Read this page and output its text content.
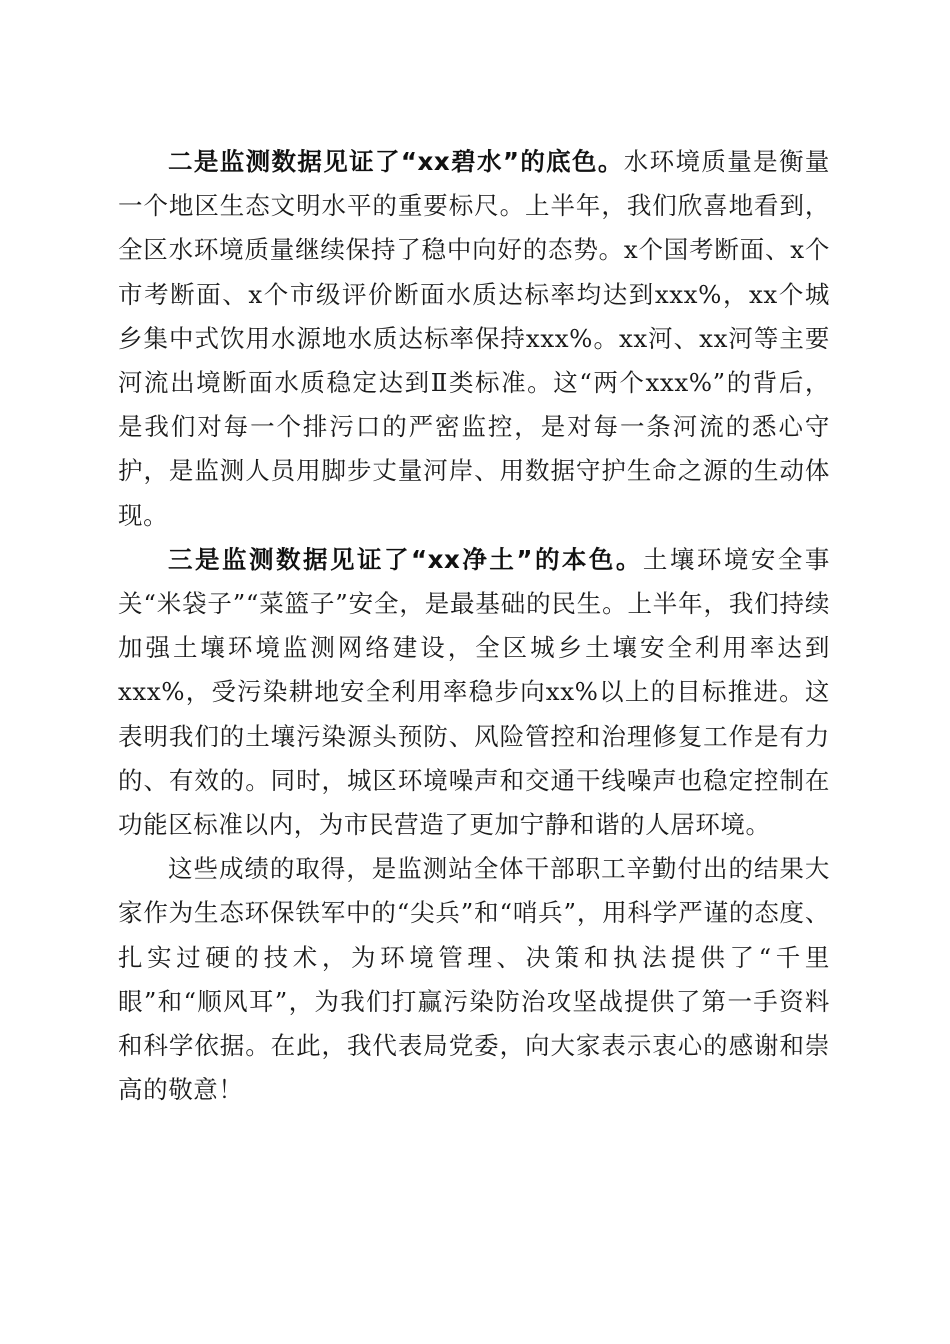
二是监测数据见证了“xx碧水”的底色。水环境质量是衡量一个地区生态文明水平的重要标尺。上半年，我们欣喜地看到，全区水环境质量继续保持了稳中向好的态势。x个国考断面、x个市考断面、x个市级评价断面水质达标率均达到xxx%，xx个城乡集中式饮用水源地水质达标率保持xxx%。xx河、xx河等主要河流出境断面水质稳定达到Ⅱ类标准。这“两个xxx%”的背后，是我们对每一个排污口的严密监控，是对每一条河流的悉心守护，是监测人员用脚步丈量河岸、用数据守护生命之源的生动体现。

三是监测数据见证了“xx净土”的本色。土壤环境安全事关“米袋子”“菜篮子”安全，是最基础的民生。上半年，我们持续加强土壤环境监测网络建设，全区城乡土壤安全利用率达到xxx%，受污染耕地安全利用率稳步向xx%以上的目标推进。这表明我们的土壤污染源头预防、风险管控和治理修复工作是有力的、有效的。同时，城区环境噪声和交通干线噪声也稳定控制在功能区标准以内，为市民营造了更加宁静和谐的人居环境。

这些成绩的取得，是监测站全体干部职工辛勤付出的结果大家作为生态环保铁军中的“尖兵”和“哨兵”，用科学严谨的态度、扎实过硬的技术，为环境管理、决策和执法提供了“千里眼”和“顺风耳”，为我们打赢污染防治攻坚战提供了第一手资料和科学依据。在此，我代表局党委，向大家表示衷心的感谢和崇高的敬意！
